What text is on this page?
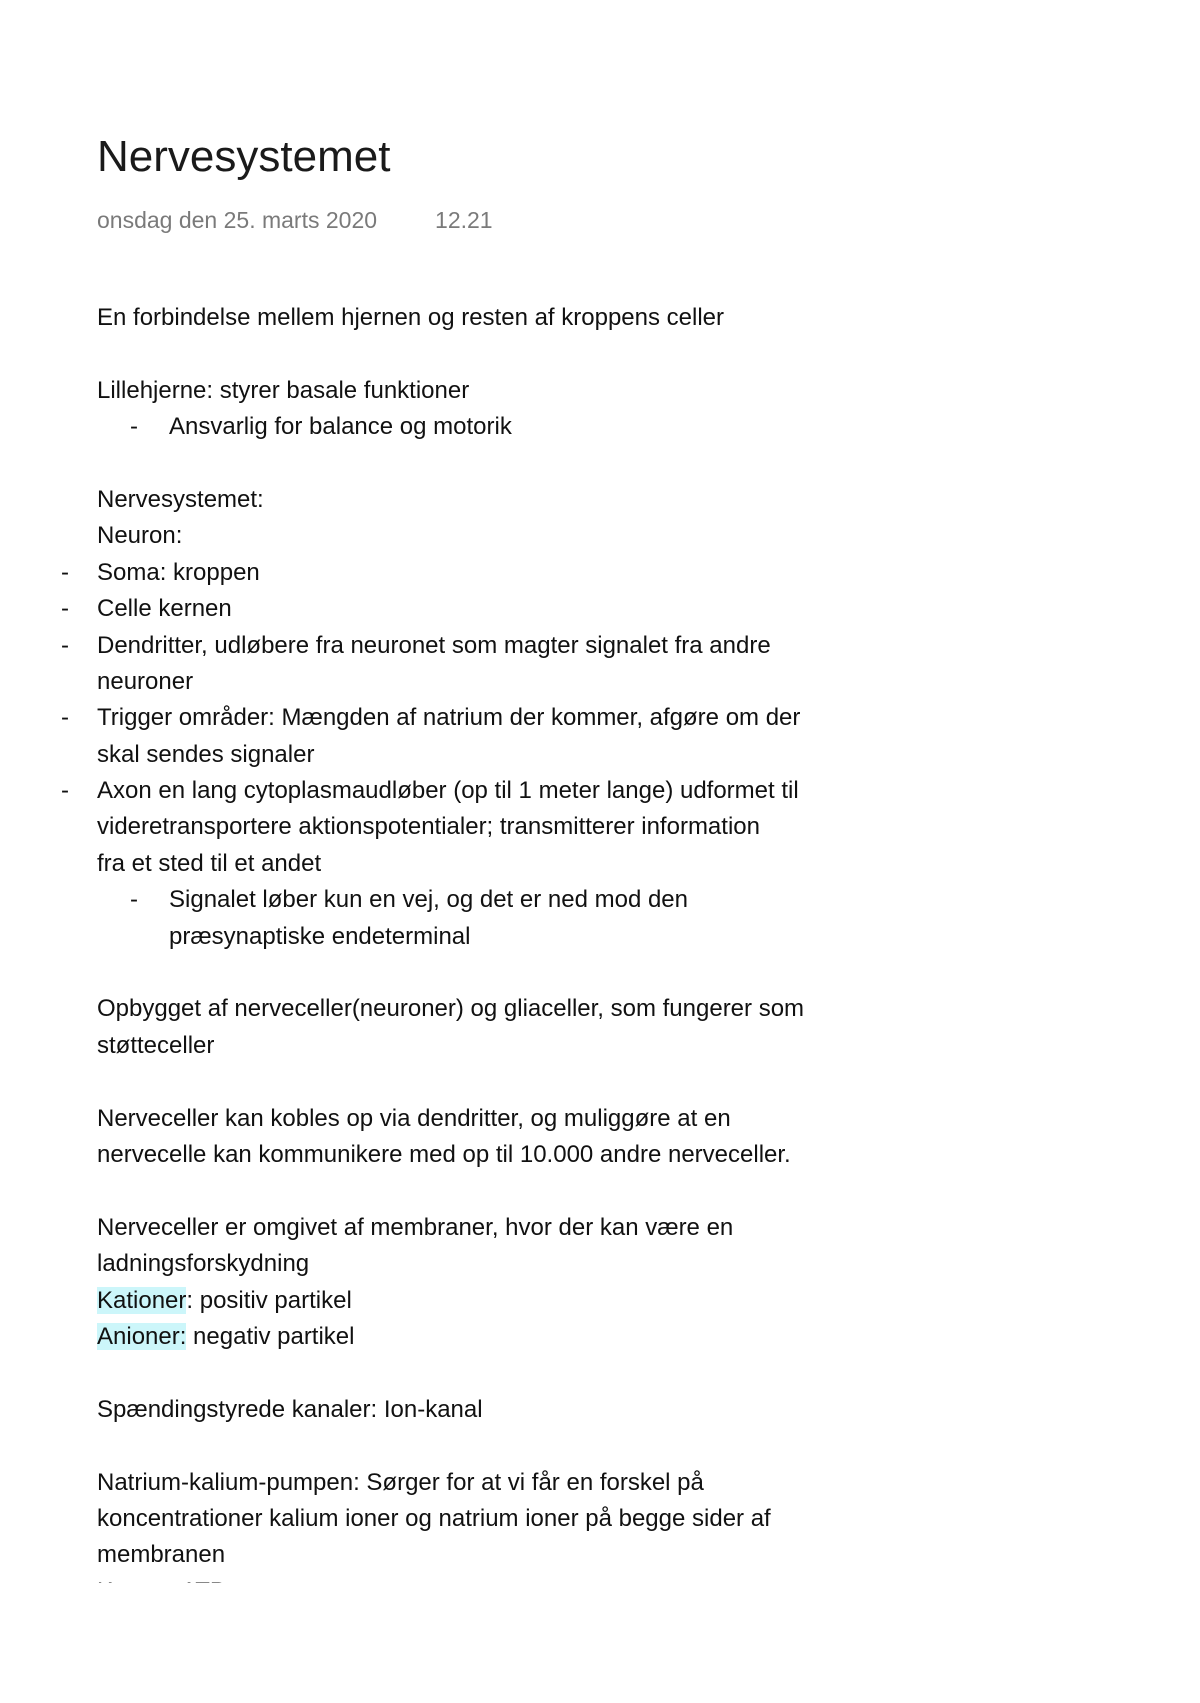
Nervesystemet
onsdag den 25. marts 2020	12.21
En forbindelse mellem hjernen og resten af kroppens celler
Lillehjerne: styrer basale funktioner
-	Ansvarlig for balance og motorik
Nervesystemet:
Neuron:
-	Soma: kroppen
-	Celle kernen
-	Dendritter, udløbere fra neuronet som magter signalet fra andre
neuroner
-	Trigger områder: Mængden af natrium der kommer, afgøre om der
skal sendes signaler
-	Axon en lang cytoplasmaudløber (op til 1 meter lange) udformet til
videretransportere aktionspotentialer; transmitterer information
fra et sted til et andet
-	Signalet løber kun en vej, og det er ned mod den
præsynaptiske endeterminal
Opbygget af nerveceller(neuroner) og gliaceller, som fungerer som
støtteceller
Nerveceller kan kobles op via dendritter, og muliggøre at en
nervecelle kan kommunikere med op til 10.000 andre nerveceller.
Nerveceller er omgivet af membraner, hvor der kan være en
ladningsforskydning
Kationer: positiv partikel
Anioner: negativ partikel
Spændingstyrede kanaler: Ion-kanal
Natrium-kalium-pumpen: Sørger for at vi får en forskel på
koncentrationer kalium ioner og natrium ioner på begge sider af
membranen
